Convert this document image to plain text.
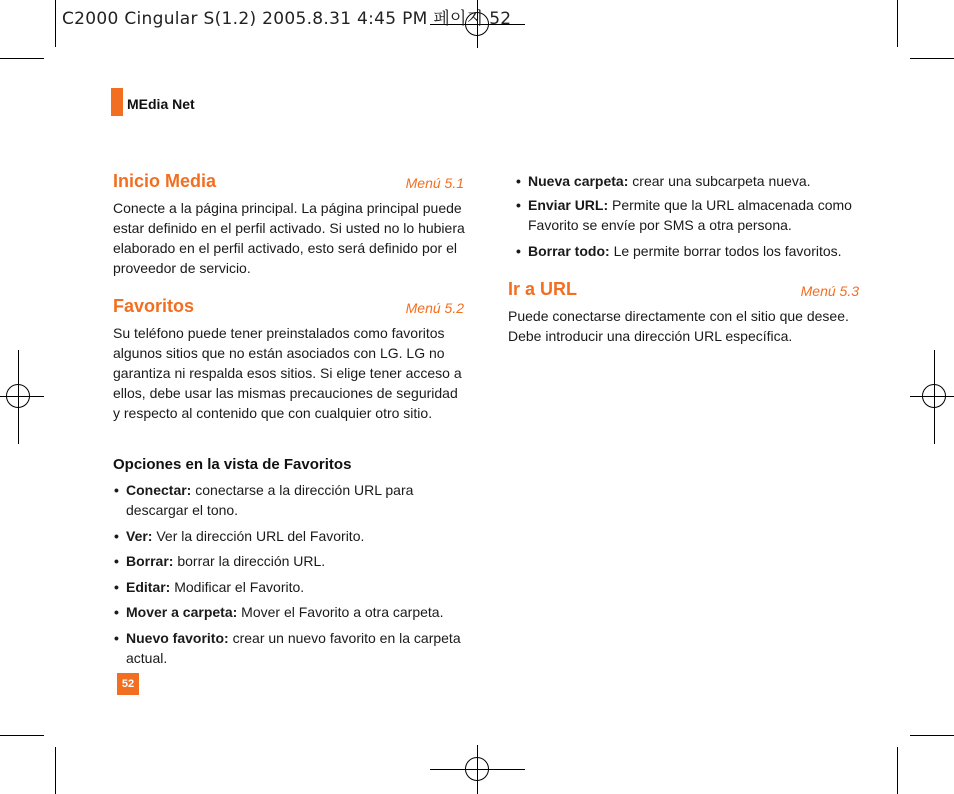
C2000 Cingular S(1.2) 2005.8.31 4:45 PM 페이지 52
MEdia Net
Inicio Media	Menú 5.1
Conecte a la página principal. La página principal puede estar definido en el perfil activado. Si usted no lo hubiera elaborado en el perfil activado, esto será definido por el proveedor de servicio.
Favoritos	Menú 5.2
Su teléfono puede tener preinstalados como favoritos algunos sitios que no están asociados con LG. LG no garantiza ni respalda esos sitios. Si elige tener acceso a ellos, debe usar las mismas precauciones de seguridad y respecto al contenido que con cualquier otro sitio.
Opciones en la vista de Favoritos
• Conectar: conectarse a la dirección URL para descargar el tono.
• Ver: Ver la dirección URL del Favorito.
• Borrar: borrar la dirección URL.
• Editar: Modificar el Favorito.
• Mover a carpeta: Mover el Favorito a otra carpeta.
• Nuevo favorito: crear un nuevo favorito en la carpeta actual.
• Nueva carpeta: crear una subcarpeta nueva.
• Enviar URL: Permite que la URL almacenada como Favorito se envíe por SMS a otra persona.
• Borrar todo: Le permite borrar todos los favoritos.
Ir a URL	Menú 5.3
Puede conectarse directamente con el sitio que desee. Debe introducir una dirección URL específica.
52
